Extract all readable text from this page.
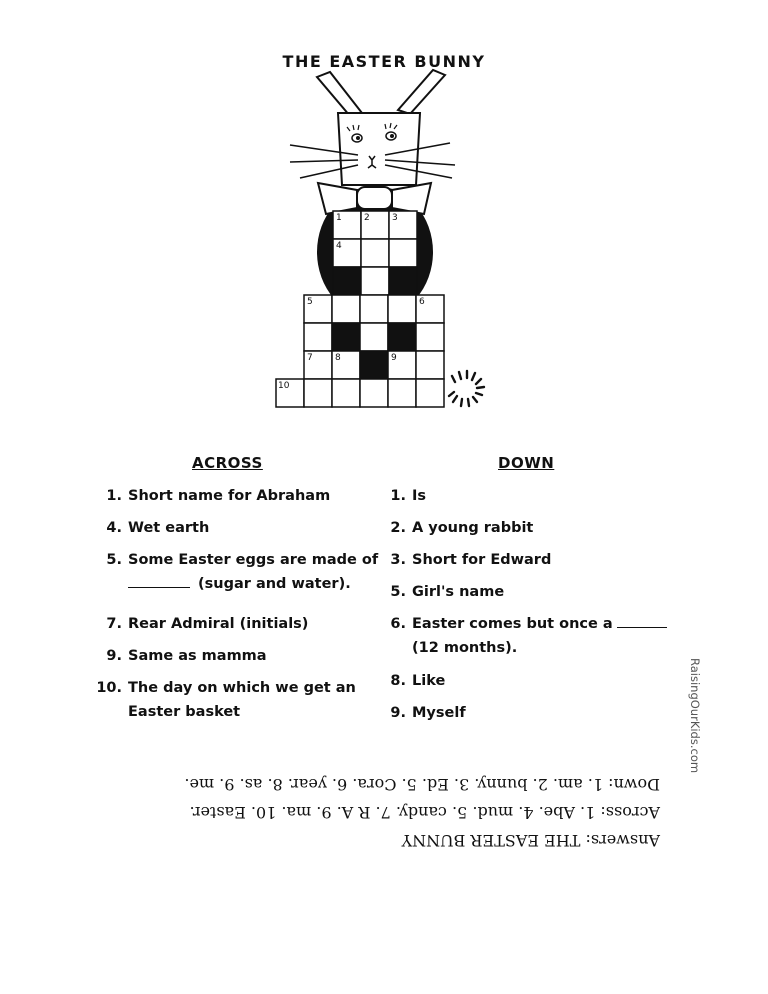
THE EASTER BUNNY
1 2 3
4
5	6
7 8	9
10
ACROSS
1. Short name for Abraham
4. Wet earth
5. Some Easter eggs are made of
(sugar and water).
7. Rear Admiral (initials)
9. Same as mamma
10. The day on which we get an
Easter basket
DOWN
1. Is
2. A young rabbit
3. Short for Edward
5. Girl's name
6. Easter comes but once a
(12 months).
8. Like
9. Myself
Answers: THE EASTER BUNNY
Across: 1. Abe. 4. mud. 5. candy. 7. R A. 9. ma. 10. Easter.
Down: 1. am. 2. bunny. 3. Ed. 5. Cora. 6. year. 8. as. 9. me.
RaisingOurKids.com
